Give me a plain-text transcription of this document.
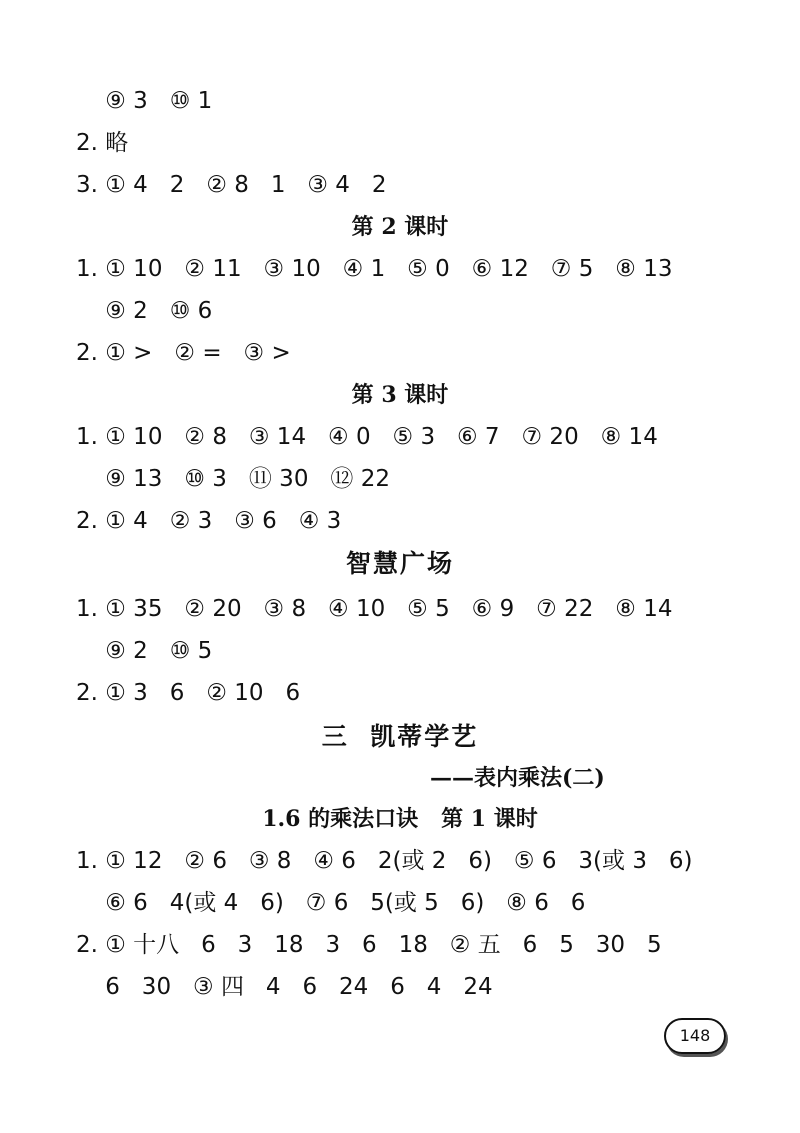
⑨ 3   ⑩ 1
2. 略
3. ① 4   2   ② 8   1   ③ 4   2
第 2 课时
1. ① 10   ② 11   ③ 10   ④ 1   ⑤ 0   ⑥ 12   ⑦ 5   ⑧ 13
⑨ 2   ⑩ 6
2. ① >   ② =   ③ >
第 3 课时
1. ① 10   ② 8   ③ 14   ④ 0   ⑤ 3   ⑥ 7   ⑦ 20   ⑧ 14
⑨ 13   ⑩ 3   ⑪ 30   ⑫ 22
2. ① 4   ② 3   ③ 6   ④ 3
智慧广场
1. ① 35   ② 20   ③ 8   ④ 10   ⑤ 5   ⑥ 9   ⑦ 22   ⑧ 14
⑨ 2   ⑩ 5
2. ① 3   6   ② 10   6
三  凯蒂学艺
——表内乘法(二)
1.6 的乘法口诀   第 1 课时
1. ① 12   ② 6   ③ 8   ④ 6   2(或 2   6)   ⑤ 6   3(或 3   6)
⑥ 6   4(或 4   6)   ⑦ 6   5(或 5   6)   ⑧ 6   6
2. ① 十八   6   3   18   3   6   18   ② 五   6   5   30   5
6   30   ③ 四   4   6   24   6   4   24
148
